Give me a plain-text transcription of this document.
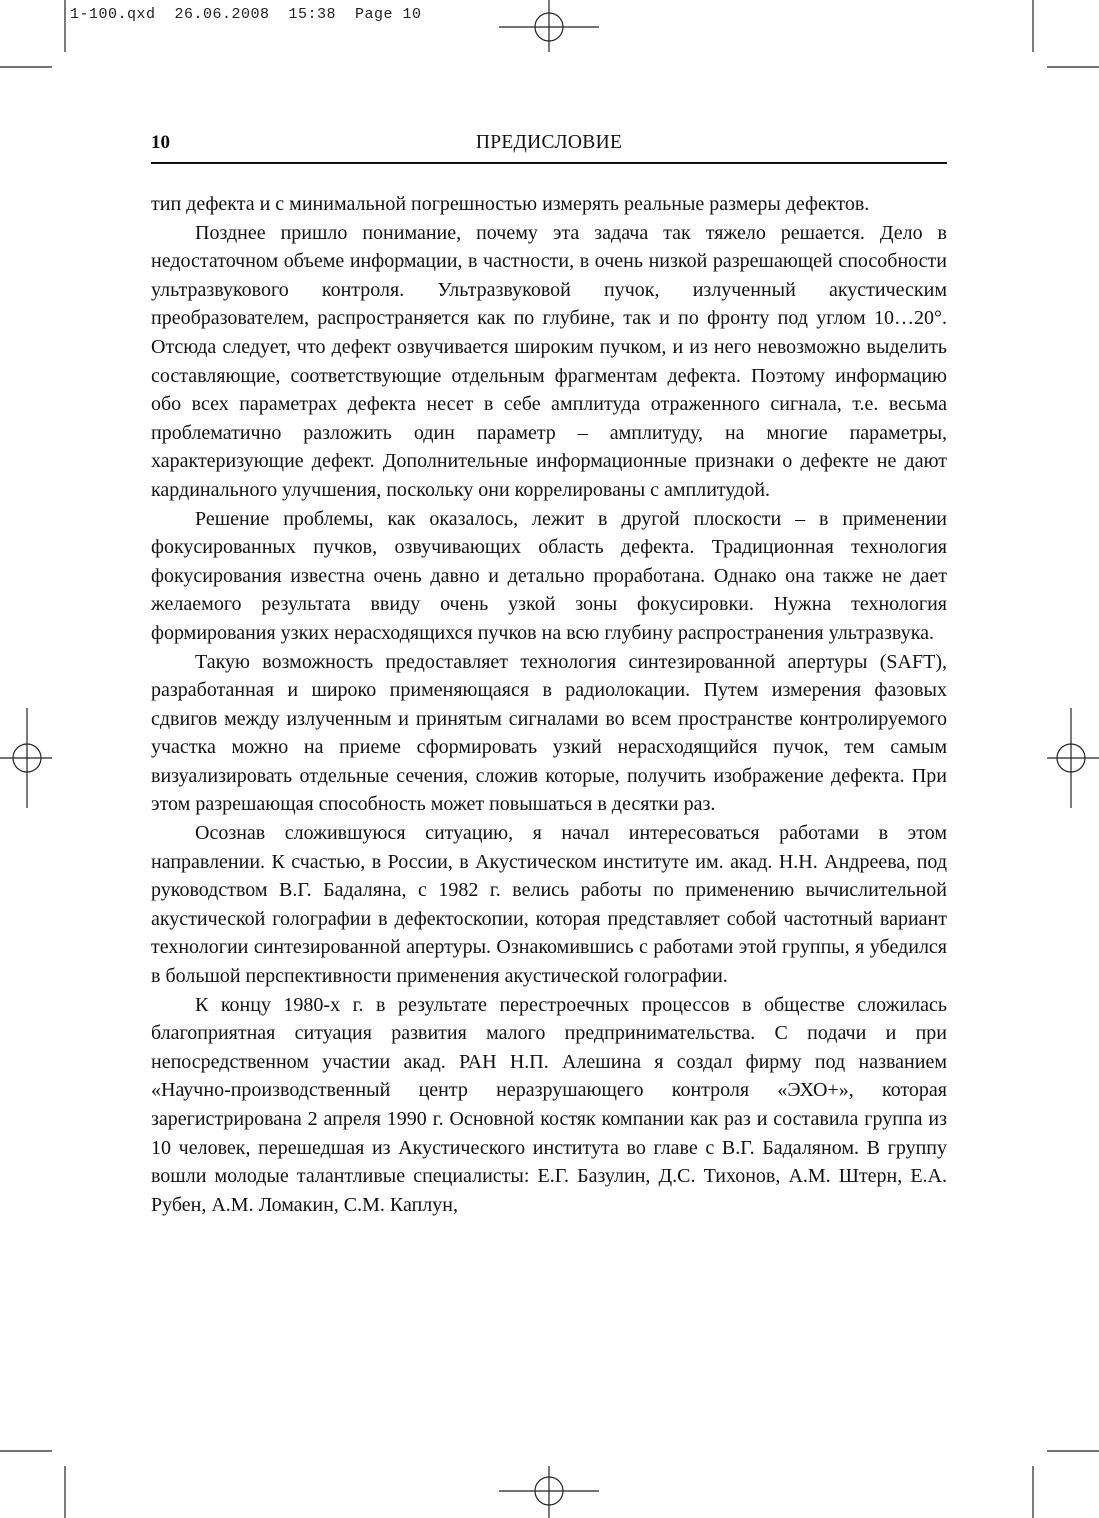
1-100.qxd  26.06.2008  15:38  Page 10
10	ПРЕДИСЛОВИЕ

тип дефекта и с минимальной погрешностью измерять реальные размеры дефектов.

Позднее пришло понимание, почему эта задача так тяжело решается. Дело в недостаточном объеме информации, в частности, в очень низкой разрешающей способности ультразвукового контроля. Ультразвуковой пучок, излученный акустическим преобразователем, распространяется как по глубине, так и по фронту под углом 10…20°. Отсюда следует, что дефект озвучивается широким пучком, и из него невозможно выделить составляющие, соответствующие отдельным фрагментам дефекта. Поэтому информацию обо всех параметрах дефекта несет в себе амплитуда отраженного сигнала, т.е. весьма проблематично разложить один параметр – амплитуду, на многие параметры, характеризующие дефект. Дополнительные информационные признаки о дефекте не дают кардинального улучшения, поскольку они коррелированы с амплитудой.

Решение проблемы, как оказалось, лежит в другой плоскости – в применении фокусированных пучков, озвучивающих область дефекта. Традиционная технология фокусирования известна очень давно и детально проработана. Однако она также не дает желаемого результата ввиду очень узкой зоны фокусировки. Нужна технология формирования узких нерасходящихся пучков на всю глубину распространения ультразвука.

Такую возможность предоставляет технология синтезированной апертуры (SAFT), разработанная и широко применяющаяся в радиолокации. Путем измерения фазовых сдвигов между излученным и принятым сигналами во всем пространстве контролируемого участка можно на приеме сформировать узкий нерасходящийся пучок, тем самым визуализировать отдельные сечения, сложив которые, получить изображение дефекта. При этом разрешающая способность может повышаться в десятки раз.

Осознав сложившуюся ситуацию, я начал интересоваться работами в этом направлении. К счастью, в России, в Акустическом институте им. акад. Н.Н. Андреева, под руководством В.Г. Бадаляна, с 1982 г. велись работы по применению вычислительной акустической голографии в дефектоскопии, которая представляет собой частотный вариант технологии синтезированной апертуры. Ознакомившись с работами этой группы, я убедился в большой перспективности применения акустической голографии.

К концу 1980-х г. в результате перестроечных процессов в обществе сложилась благоприятная ситуация развития малого предпринимательства. С подачи и при непосредственном участии акад. РАН Н.П. Алешина я создал фирму под названием «Научно-производственный центр неразрушающего контроля «ЭХО+», которая зарегистрирована 2 апреля 1990 г. Основной костяк компании как раз и составила группа из 10 человек, перешедшая из Акустического института во главе с В.Г. Бадаляном. В группу вошли молодые талантливые специалисты: Е.Г. Базулин, Д.С. Тихонов, А.М. Штерн, Е.А. Рубен, А.М. Ломакин, С.М. Каплун,
